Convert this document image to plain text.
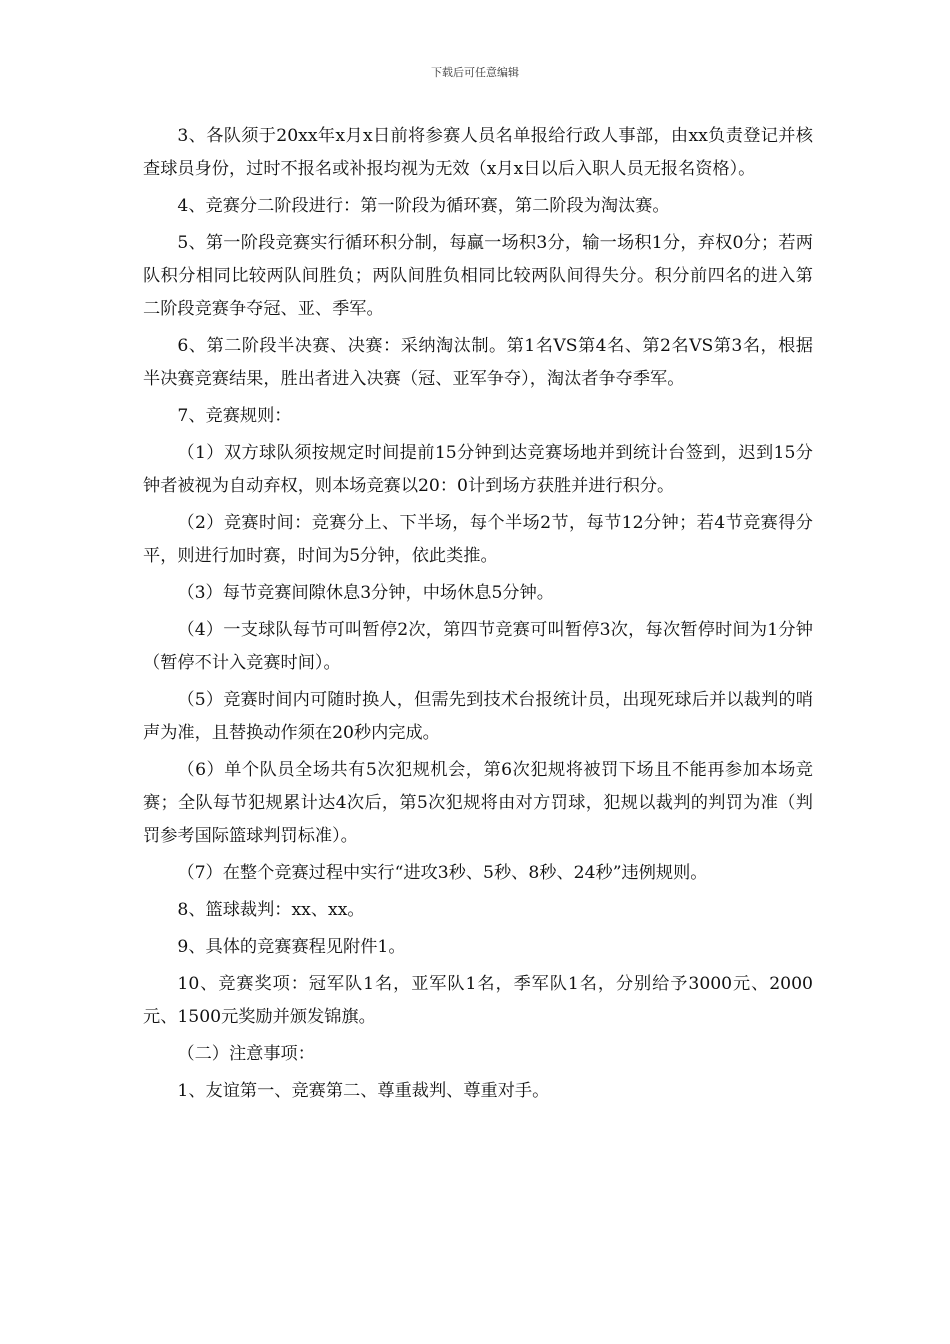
下载后可任意编辑

3、各队须于20xx年x月x日前将参赛人员名单报给行政人事部，由xx负责登记并核查球员身份，过时不报名或补报均视为无效（x月x日以后入职人员无报名资格）。

4、竞赛分二阶段进行：第一阶段为循环赛，第二阶段为淘汰赛。

5、第一阶段竞赛实行循环积分制，每赢一场积3分，输一场积1分，弃权0分；若两队积分相同比较两队间胜负；两队间胜负相同比较两队间得失分。积分前四名的进入第二阶段竞赛争夺冠、亚、季军。

6、第二阶段半决赛、决赛：采纳淘汰制。第1名VS第4名、第2名VS第3名，根据半决赛竞赛结果，胜出者进入决赛（冠、亚军争夺），淘汰者争夺季军。

7、竞赛规则：

（1）双方球队须按规定时间提前15分钟到达竞赛场地并到统计台签到，迟到15分钟者被视为自动弃权，则本场竞赛以20：0计到场方获胜并进行积分。

（2）竞赛时间：竞赛分上、下半场，每个半场2节，每节12分钟；若4节竞赛得分平，则进行加时赛，时间为5分钟，依此类推。

（3）每节竞赛间隙休息3分钟，中场休息5分钟。

（4）一支球队每节可叫暂停2次，第四节竞赛可叫暂停3次，每次暂停时间为1分钟（暂停不计入竞赛时间）。

（5）竞赛时间内可随时换人，但需先到技术台报统计员，出现死球后并以裁判的哨声为准，且替换动作须在20秒内完成。

（6）单个队员全场共有5次犯规机会，第6次犯规将被罚下场且不能再参加本场竞赛；全队每节犯规累计达4次后，第5次犯规将由对方罚球，犯规以裁判的判罚为准（判罚参考国际篮球判罚标准）。

（7）在整个竞赛过程中实行“进攻3秒、5秒、8秒、24秒”违例规则。

8、篮球裁判：xx、xx。

9、具体的竞赛赛程见附件1。

10、竞赛奖项：冠军队1名，亚军队1名，季军队1名，分别给予3000元、2000元、1500元奖励并颁发锦旗。

（二）注意事项：

1、友谊第一、竞赛第二、尊重裁判、尊重对手。
